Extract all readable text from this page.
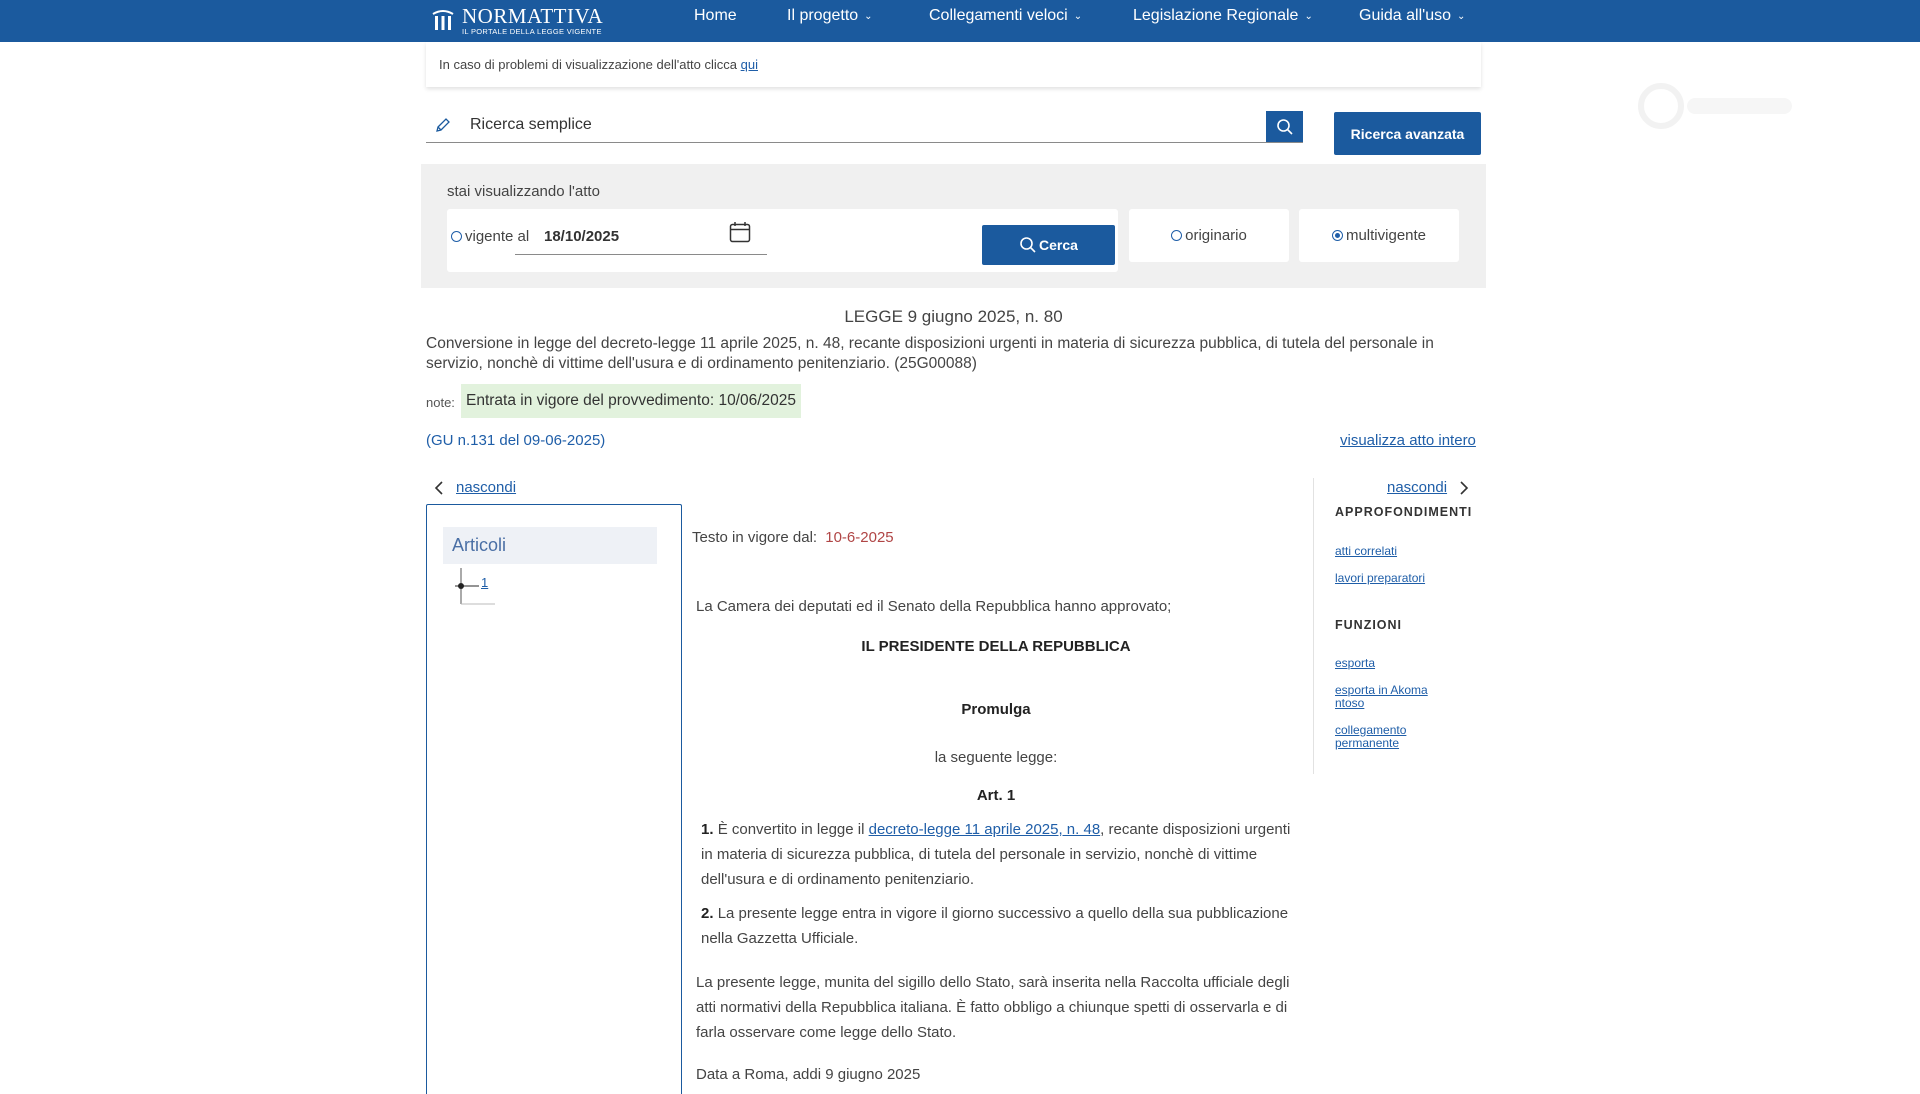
NORMATTIVA
IL PORTALE DELLA LEGGE VIGENTE
Home	Il progetto ⌄	Collegamenti veloci ⌄	Legislazione Regionale ⌄	Guida all'uso ⌄
In caso di problemi di visualizzazione dell'atto clicca qui
Ricerca semplice
Ricerca avanzata
stai visualizzando l'atto
vigente al 18/10/2025	Cerca
originario	multivigente
LEGGE 9 giugno 2025, n. 80
Conversione in legge del decreto-legge 11 aprile 2025, n. 48, recante disposizioni urgenti in materia di sicurezza pubblica, di tutela del personale in servizio, nonchè di vittime dell'usura e di ordinamento penitenziario. (25G00088)
note: Entrata in vigore del provvedimento: 10/06/2025
(GU n.131 del 09-06-2025)	visualizza atto intero
nascondi
Articoli
1
Testo in vigore dal: 10-6-2025
La Camera dei deputati ed il Senato della Repubblica hanno approvato;
IL PRESIDENTE DELLA REPUBBLICA
Promulga
la seguente legge:
Art. 1
1. È convertito in legge il decreto-legge 11 aprile 2025, n. 48, recante disposizioni urgenti in materia di sicurezza pubblica, di tutela del personale in servizio, nonchè di vittime dell'usura e di ordinamento penitenziario.
2. La presente legge entra in vigore il giorno successivo a quello della sua pubblicazione nella Gazzetta Ufficiale.
La presente legge, munita del sigillo dello Stato, sarà inserita nella Raccolta ufficiale degli atti normativi della Repubblica italiana. È fatto obbligo a chiunque spetti di osservarla e di farla osservare come legge dello Stato.
Data a Roma, addi 9 giugno 2025
nascondi
APPROFONDIMENTI
atti correlati
lavori preparatori
FUNZIONI
esporta
esporta in Akoma ntoso
collegamento permanente
